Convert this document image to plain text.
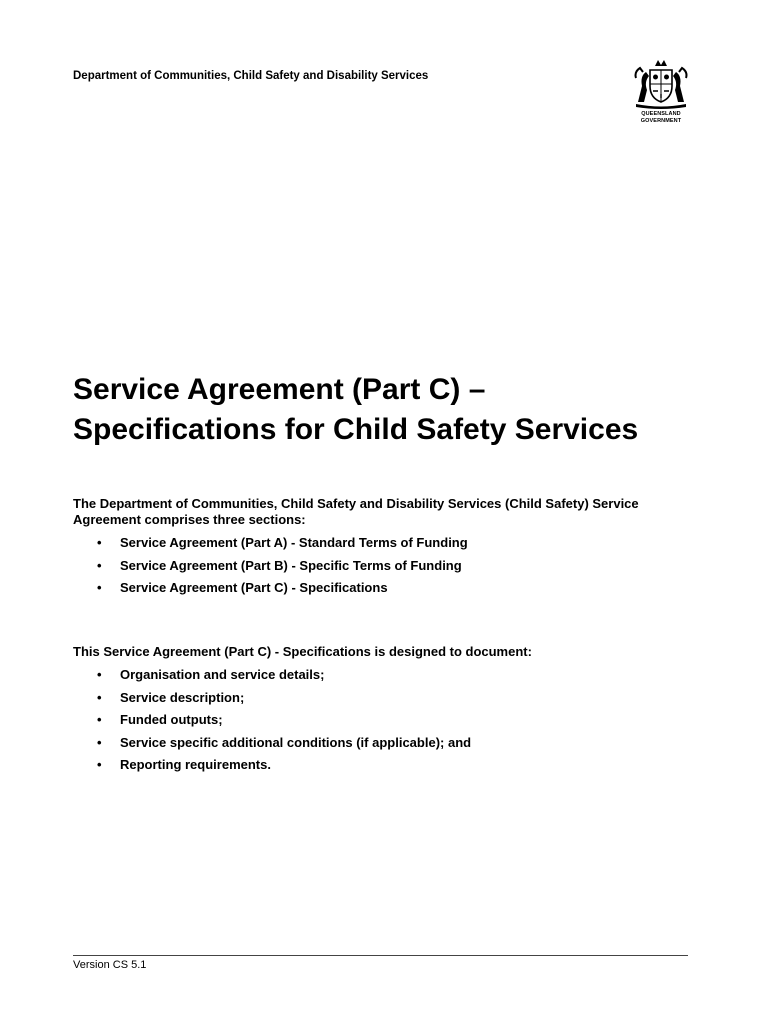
Department of Communities, Child Safety and Disability Services
QUEENSLAND
GOVERNMENT
Service Agreement (Part C) –
Specifications for Child Safety Services

The Department of Communities, Child Safety and Disability Services (Child Safety) Service Agreement comprises three sections:

• Service Agreement (Part A) - Standard Terms of Funding
• Service Agreement (Part B) - Specific Terms of Funding
• Service Agreement (Part C) - Specifications

This Service Agreement (Part C) - Specifications is designed to document:

• Organisation and service details;
• Service description;
• Funded outputs;
• Service specific additional conditions (if applicable); and
• Reporting requirements.
Version CS 5.1
